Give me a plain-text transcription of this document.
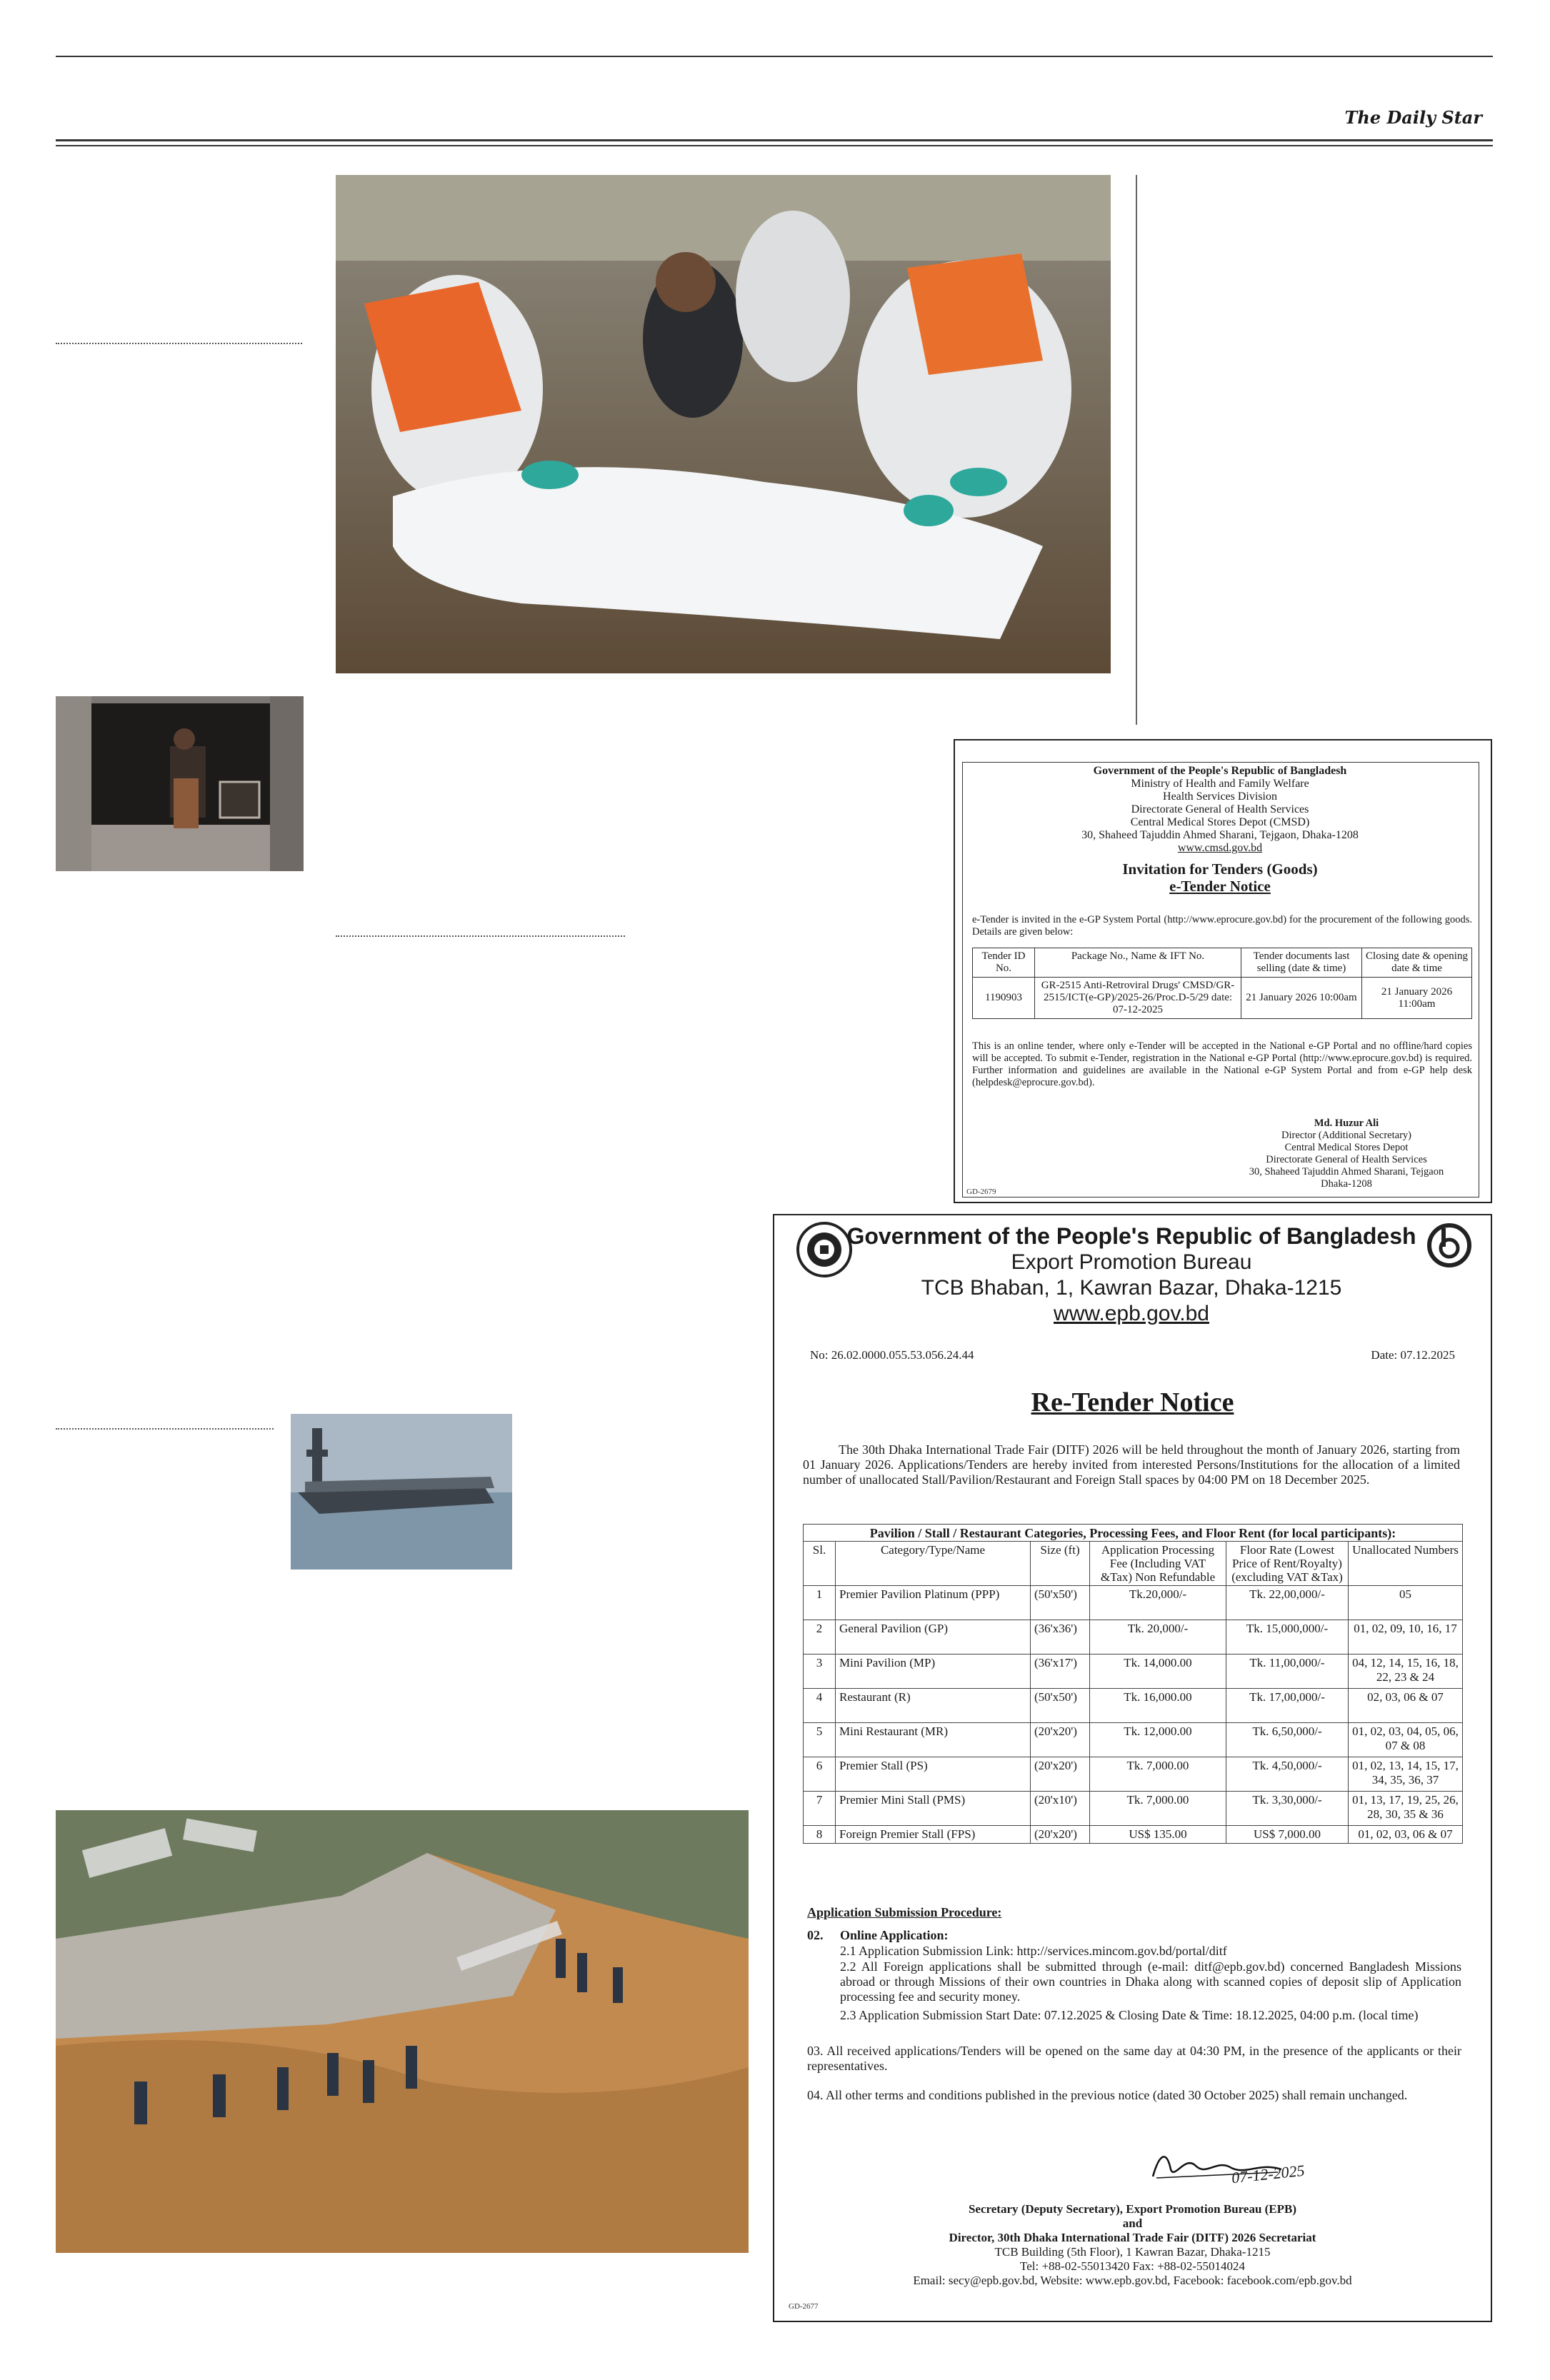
The Daily Star
Government of the People's Republic of Bangladesh
Ministry of Health and Family Welfare
Health Services Division
Directorate General of Health Services
Central Medical Stores Depot (CMSD)
30, Shaheed Tajuddin Ahmed Sharani, Tejgaon, Dhaka-1208
www.cmsd.gov.bd
Invitation for Tenders (Goods)
e-Tender Notice
e-Tender is invited in the e-GP System Portal (http://www.eprocure.gov.bd) for the procurement of the following goods. Details are given below:
Tender ID No.	Package No., Name & IFT No.	Tender documents last selling (date & time)	Closing date & opening date & time
1190903	GR-2515 Anti-Retroviral Drugs' CMSD/GR-2515/ICT(e-GP)/2025-26/Proc.D-5/29 date: 07-12-2025	21 January 2026 10:00am	21 January 2026 11:00am
This is an online tender, where only e-Tender will be accepted in the National e-GP Portal and no offline/hard copies will be accepted. To submit e-Tender, registration in the National e-GP Portal (http://www.eprocure.gov.bd) is required. Further information and guidelines are available in the National e-GP System Portal and from e-GP help desk (helpdesk@eprocure.gov.bd).
Md. Huzur Ali
Director (Additional Secretary)
Central Medical Stores Depot
Directorate General of Health Services
30, Shaheed Tajuddin Ahmed Sharani, Tejgaon
Dhaka-1208
GD-2679
Government of the People's Republic of Bangladesh
Export Promotion Bureau
TCB Bhaban, 1, Kawran Bazar, Dhaka-1215
www.epb.gov.bd
No: 26.02.0000.055.53.056.24.44	Date: 07.12.2025
Re-Tender Notice
The 30th Dhaka International Trade Fair (DITF) 2026 will be held throughout the month of January 2026, starting from 01 January 2026. Applications/Tenders are hereby invited from interested Persons/Institutions for the allocation of a limited number of unallocated Stall/Pavilion/Restaurant and Foreign Stall spaces by 04:00 PM on 18 December 2025.
Pavilion / Stall / Restaurant Categories, Processing Fees, and Floor Rent (for local participants):
Sl.	Category/Type/Name	Size (ft)	Application Processing Fee (Including VAT &Tax) Non Refundable	Floor Rate (Lowest Price of Rent/Royalty) (excluding VAT &Tax)	Unallocated Numbers
1	Premier Pavilion Platinum (PPP)	(50'x50')	Tk.20,000/-	Tk. 22,00,000/-	05
2	General Pavilion (GP)	(36'x36')	Tk. 20,000/-	Tk. 15,000,000/-	01, 02, 09, 10, 16, 17
3	Mini Pavilion (MP)	(36'x17')	Tk. 14,000.00	Tk. 11,00,000/-	04, 12, 14, 15, 16, 18, 22, 23 & 24
4	Restaurant (R)	(50'x50')	Tk. 16,000.00	Tk. 17,00,000/-	02, 03, 06 & 07
5	Mini Restaurant (MR)	(20'x20')	Tk. 12,000.00	Tk. 6,50,000/-	01, 02, 03, 04, 05, 06, 07 & 08
6	Premier Stall (PS)	(20'x20')	Tk. 7,000.00	Tk. 4,50,000/-	01, 02, 13, 14, 15, 17, 34, 35, 36, 37
7	Premier Mini Stall (PMS)	(20'x10')	Tk. 7,000.00	Tk. 3,30,000/-	01, 13, 17, 19, 25, 26, 28, 30, 35 & 36
8	Foreign Premier Stall (FPS)	(20'x20')	US$ 135.00	US$ 7,000.00	01, 02, 03, 06 & 07
Application Submission Procedure:
02. Online Application:
2.1 Application Submission Link: http://services.mincom.gov.bd/portal/ditf
2.2 All Foreign applications shall be submitted through (e-mail: ditf@epb.gov.bd) concerned Bangladesh Missions abroad or through Missions of their own countries in Dhaka along with scanned copies of deposit slip of Application processing fee and security money.
2.3 Application Submission Start Date: 07.12.2025 & Closing Date & Time: 18.12.2025, 04:00 p.m. (local time)
03. All received applications/Tenders will be opened on the same day at 04:30 PM, in the presence of the applicants or their representatives.
04. All other terms and conditions published in the previous notice (dated 30 October 2025) shall remain unchanged.
07-12-2025
Secretary (Deputy Secretary), Export Promotion Bureau (EPB)
and
Director, 30th Dhaka International Trade Fair (DITF) 2026 Secretariat
TCB Building (5th Floor), 1 Kawran Bazar, Dhaka-1215
Tel: +88-02-55013420 Fax: +88-02-55014024
Email: secy@epb.gov.bd, Website: www.epb.gov.bd, Facebook: facebook.com/epb.gov.bd
GD-2677
